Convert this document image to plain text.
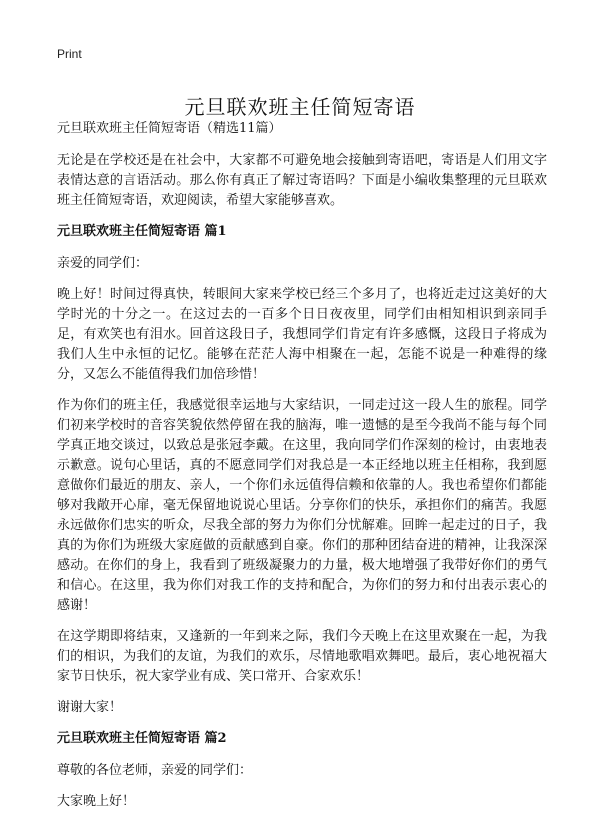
Print
元旦联欢班主任简短寄语

元旦联欢班主任简短寄语（精选11篇）

无论是在学校还是在社会中，大家都不可避免地会接触到寄语吧，寄语是人们用文字表情达意的言语活动。那么你有真正了解过寄语吗？下面是小编收集整理的元旦联欢班主任简短寄语，欢迎阅读，希望大家能够喜欢。

元旦联欢班主任简短寄语 篇1

亲爱的同学们：

晚上好！时间过得真快，转眼间大家来学校已经三个多月了，也将近走过这美好的大学时光的十分之一。在这过去的一百多个日日夜夜里，同学们由相知相识到亲同手足，有欢笑也有泪水。回首这段日子，我想同学们肯定有许多感慨，这段日子将成为我们人生中永恒的记忆。能够在茫茫人海中相聚在一起，怎能不说是一种难得的缘分，又怎么不能值得我们加倍珍惜！

作为你们的班主任，我感觉很幸运地与大家结识，一同走过这一段人生的旅程。同学们初来学校时的音容笑貌依然停留在我的脑海，唯一遗憾的是至今我尚不能与每个同学真正地交谈过，以致总是张冠李戴。在这里，我向同学们作深刻的检讨，由衷地表示歉意。说句心里话，真的不愿意同学们对我总是一本正经地以班主任相称，我到愿意做你们最近的朋友、亲人，一个你们永远值得信赖和依靠的人。我也希望你们都能够对我敞开心扉，毫无保留地说说心里话。分享你们的快乐，承担你们的痛苦。我愿永远做你们忠实的听众，尽我全部的努力为你们分忧解难。回眸一起走过的日子，我真的为你们为班级大家庭做的贡献感到自豪。你们的那种团结奋进的精神，让我深深感动。在你们的身上，我看到了班级凝聚力的力量，极大地增强了我带好你们的勇气和信心。在这里，我为你们对我工作的支持和配合，为你们的努力和付出表示衷心的感谢！

在这学期即将结束，又逢新的一年到来之际，我们今天晚上在这里欢聚在一起，为我们的相识，为我们的友谊，为我们的欢乐，尽情地歌唱欢舞吧。最后，衷心地祝福大家节日快乐，祝大家学业有成、笑口常开、合家欢乐！

谢谢大家！

元旦联欢班主任简短寄语 篇2

尊敬的各位老师，亲爱的同学们：

大家晚上好！
